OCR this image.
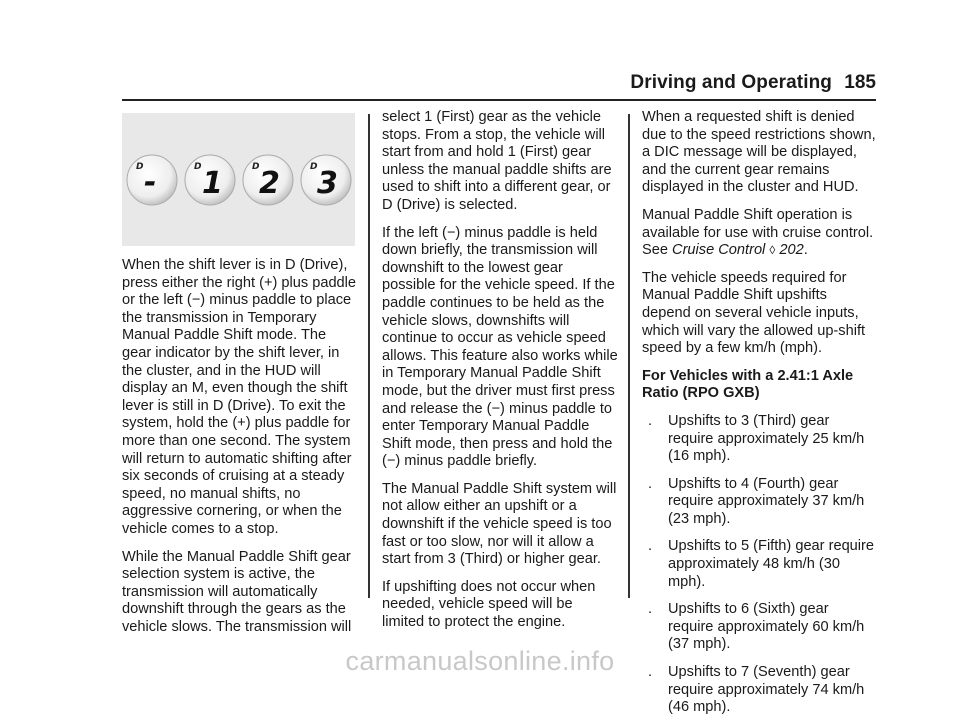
Driving and Operating 185
D -	D 1	D 2	D 3

When the shift lever is in D (Drive), press either the right (+) plus paddle or the left (−) minus paddle to place the transmission in Temporary Manual Paddle Shift mode. The gear indicator by the shift lever, in the cluster, and in the HUD will display an M, even though the shift lever is still in D (Drive). To exit the system, hold the (+) plus paddle for more than one second. The system will return to automatic shifting after six seconds of cruising at a steady speed, no manual shifts, no aggressive cornering, or when the vehicle comes to a stop.

While the Manual Paddle Shift gear selection system is active, the transmission will automatically downshift through the gears as the vehicle slows. The transmission will

select 1 (First) gear as the vehicle stops. From a stop, the vehicle will start from and hold 1 (First) gear unless the manual paddle shifts are used to shift into a different gear, or D (Drive) is selected.

If the left (−) minus paddle is held down briefly, the transmission will downshift to the lowest gear possible for the vehicle speed. If the paddle continues to be held as the vehicle slows, downshifts will continue to occur as vehicle speed allows. This feature also works while in Temporary Manual Paddle Shift mode, but the driver must first press and release the (−) minus paddle to enter Temporary Manual Paddle Shift mode, then press and hold the (−) minus paddle briefly.

The Manual Paddle Shift system will not allow either an upshift or a downshift if the vehicle speed is too fast or too slow, nor will it allow a start from 3 (Third) or higher gear.

If upshifting does not occur when needed, vehicle speed will be limited to protect the engine.

When a requested shift is denied due to the speed restrictions shown, a DIC message will be displayed, and the current gear remains displayed in the cluster and HUD.

Manual Paddle Shift operation is available for use with cruise control. See Cruise Control ◊ 202.

The vehicle speeds required for Manual Paddle Shift upshifts depend on several vehicle inputs, which will vary the allowed up-shift speed by a few km/h (mph).

For Vehicles with a 2.41:1 Axle Ratio (RPO GXB)

.	Upshifts to 3 (Third) gear require approximately 25 km/h (16 mph).
.	Upshifts to 4 (Fourth) gear require approximately 37 km/h (23 mph).
.	Upshifts to 5 (Fifth) gear require approximately 48 km/h (30 mph).
.	Upshifts to 6 (Sixth) gear require approximately 60 km/h (37 mph).
.	Upshifts to 7 (Seventh) gear require approximately 74 km/h (46 mph).
carmanualsonline.info
